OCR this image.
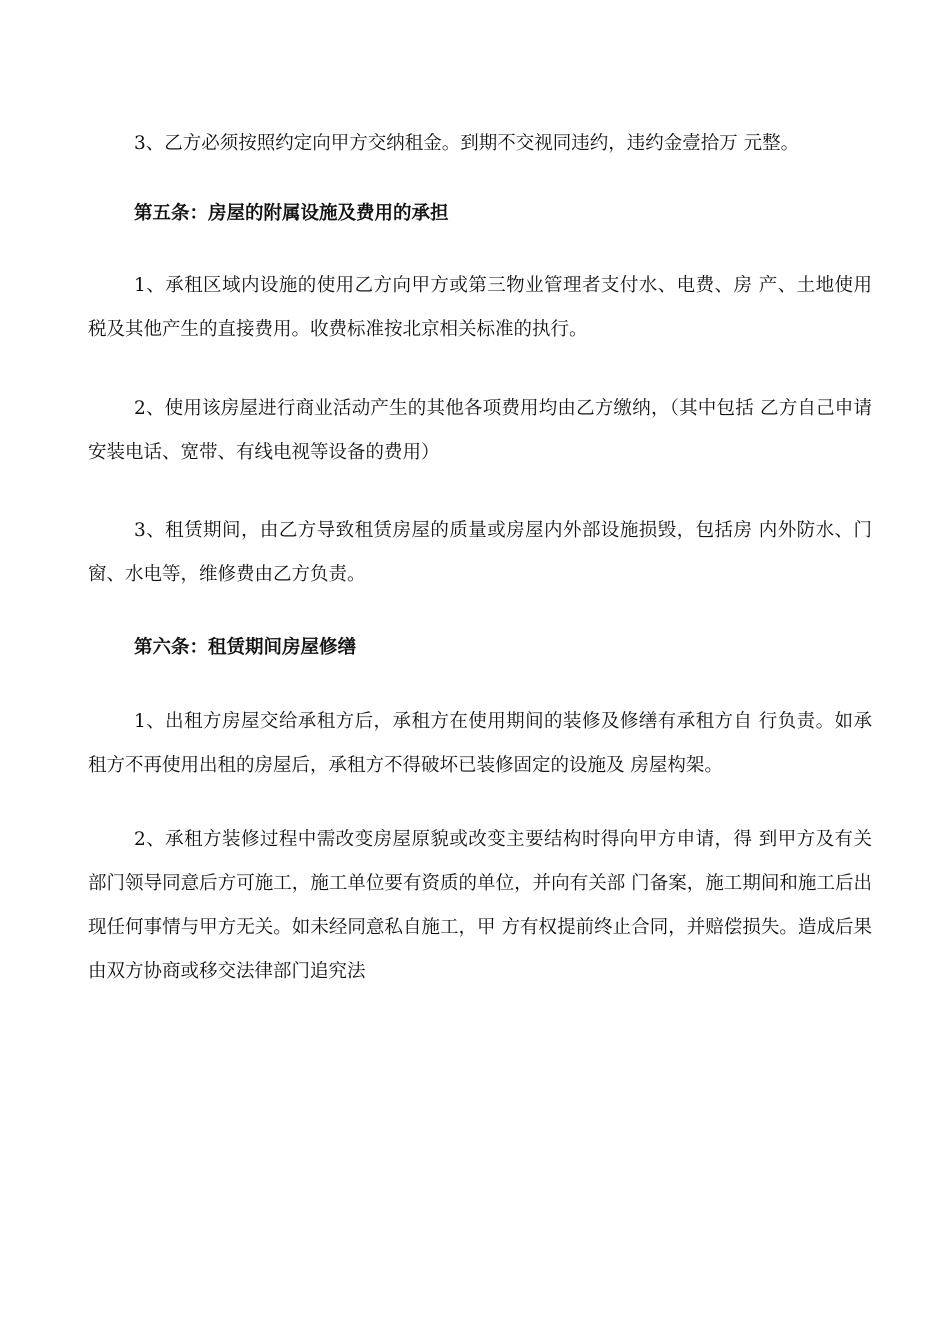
3、乙方必须按照约定向甲方交纳租金。到期不交视同违约，违约金壹拾万 元整。

第五条：房屋的附属设施及费用的承担

1、承租区域内设施的使用乙方向甲方或第三物业管理者支付水、电费、房 产、土地使用税及其他产生的直接费用。收费标准按北京相关标准的执行。

2、使用该房屋进行商业活动产生的其他各项费用均由乙方缴纳，（其中包括 乙方自己申请安装电话、宽带、有线电视等设备的费用）

3、租赁期间，由乙方导致租赁房屋的质量或房屋内外部设施损毁，包括房 内外防水、门窗、水电等，维修费由乙方负责。

第六条：租赁期间房屋修缮

1、出租方房屋交给承租方后，承租方在使用期间的装修及修缮有承租方自 行负责。如承租方不再使用出租的房屋后，承租方不得破坏已装修固定的设施及 房屋构架。

2、承租方装修过程中需改变房屋原貌或改变主要结构时得向甲方申请，得 到甲方及有关部门领导同意后方可施工，施工单位要有资质的单位，并向有关部 门备案，施工期间和施工后出现任何事情与甲方无关。如未经同意私自施工，甲 方有权提前终止合同，并赔偿损失。造成后果由双方协商或移交法律部门追究法
